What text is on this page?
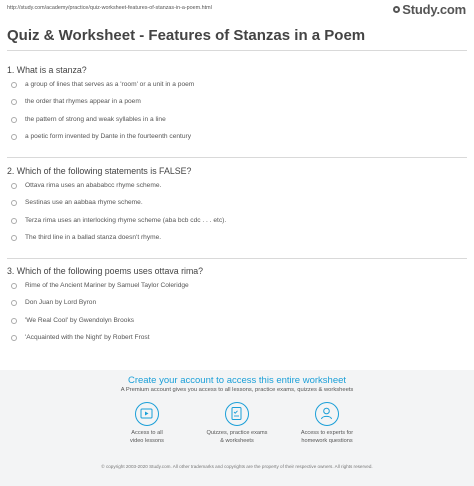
http://study.com/academy/practice/quiz-worksheet-features-of-stanzas-in-a-poem.html	Study.com
Quiz & Worksheet - Features of Stanzas in a Poem
1. What is a stanza?
a group of lines that serves as a 'room' or a unit in a poem
the order that rhymes appear in a poem
the pattern of strong and weak syllables in a line
a poetic form invented by Dante in the fourteenth century
2. Which of the following statements is FALSE?
Ottava rima uses an abababcc rhyme scheme.
Sestinas use an aabbaa rhyme scheme.
Terza rima uses an interlocking rhyme scheme (aba bcb cdc . . . etc).
The third line in a ballad stanza doesn't rhyme.
3. Which of the following poems uses ottava rima?
Rime of the Ancient Mariner by Samuel Taylor Coleridge
Don Juan by Lord Byron
'We Real Cool' by Gwendolyn Brooks
'Acquainted with the Night' by Robert Frost
Create your account to access this entire worksheet
A Premium account gives you access to all lessons, practice exams, quizzes & worksheets
Access to all
video lessons
Quizzes, practice exams
& worksheets
Access to experts for
homework questions
© copyright 2003-2020 Study.com. All other trademarks and copyrights are the property of their respective owners. All rights reserved.
